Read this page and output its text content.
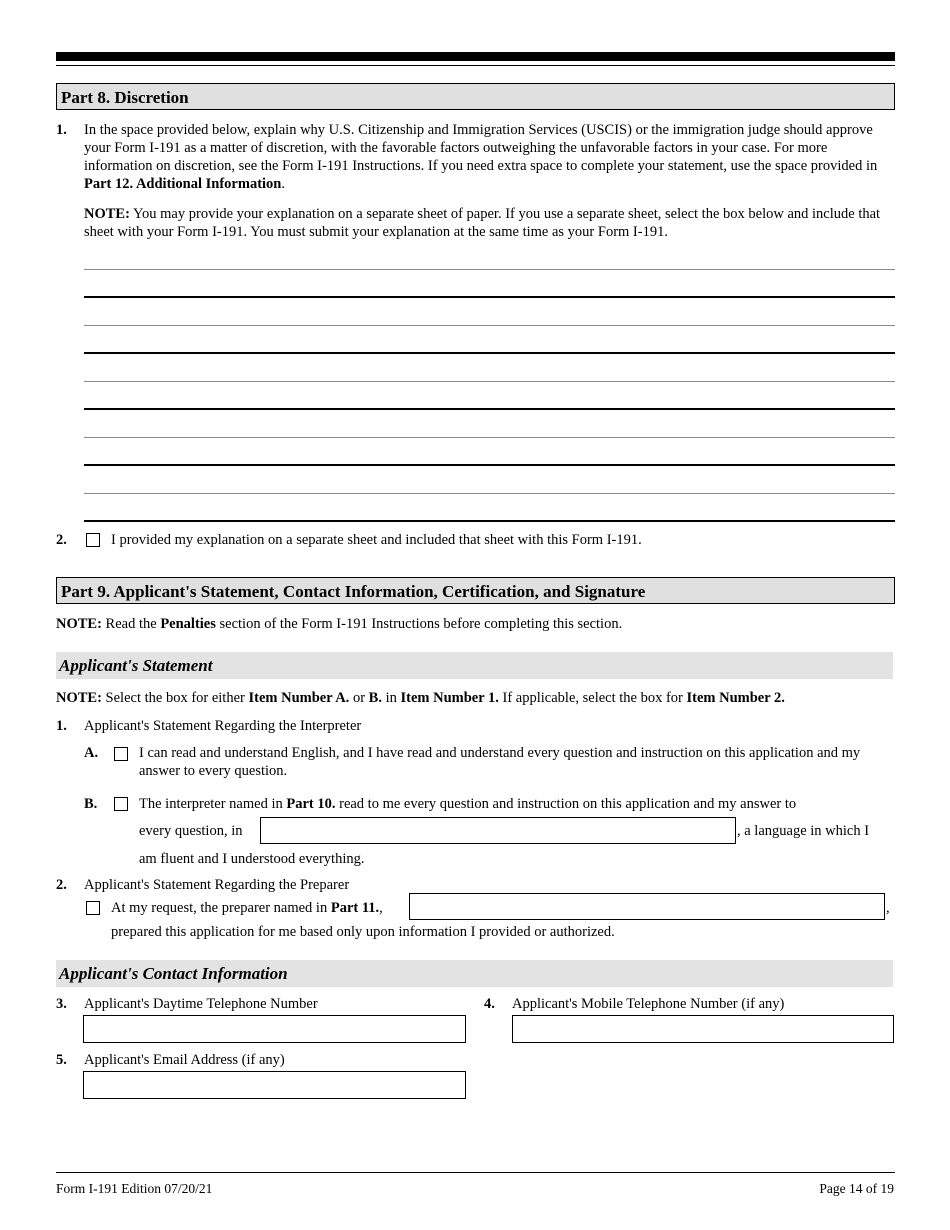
Part 8. Discretion
1. In the space provided below, explain why U.S. Citizenship and Immigration Services (USCIS) or the immigration judge should approve your Form I-191 as a matter of discretion, with the favorable factors outweighing the unfavorable factors in your case. For more information on discretion, see the Form I-191 Instructions. If you need extra space to complete your statement, use the space provided in Part 12. Additional Information.
NOTE: You may provide your explanation on a separate sheet of paper. If you use a separate sheet, select the box below and include that sheet with your Form I-191. You must submit your explanation at the same time as your Form I-191.
2.	I provided my explanation on a separate sheet and included that sheet with this Form I-191.
Part 9. Applicant's Statement, Contact Information, Certification, and Signature
NOTE: Read the Penalties section of the Form I-191 Instructions before completing this section.
Applicant's Statement
NOTE: Select the box for either Item Number A. or B. in Item Number 1. If applicable, select the box for Item Number 2.
1. Applicant's Statement Regarding the Interpreter
A.	I can read and understand English, and I have read and understand every question and instruction on this application and my answer to every question.
B.	The interpreter named in Part 10. read to me every question and instruction on this application and my answer to
every question, in	, a language in which I
am fluent and I understood everything.
2. Applicant's Statement Regarding the Preparer
At my request, the preparer named in Part 11.,	,
prepared this application for me based only upon information I provided or authorized.
Applicant's Contact Information
3. Applicant's Daytime Telephone Number	4. Applicant's Mobile Telephone Number (if any)
5. Applicant's Email Address (if any)
Form I-191 Edition 07/20/21	Page 14 of 19
